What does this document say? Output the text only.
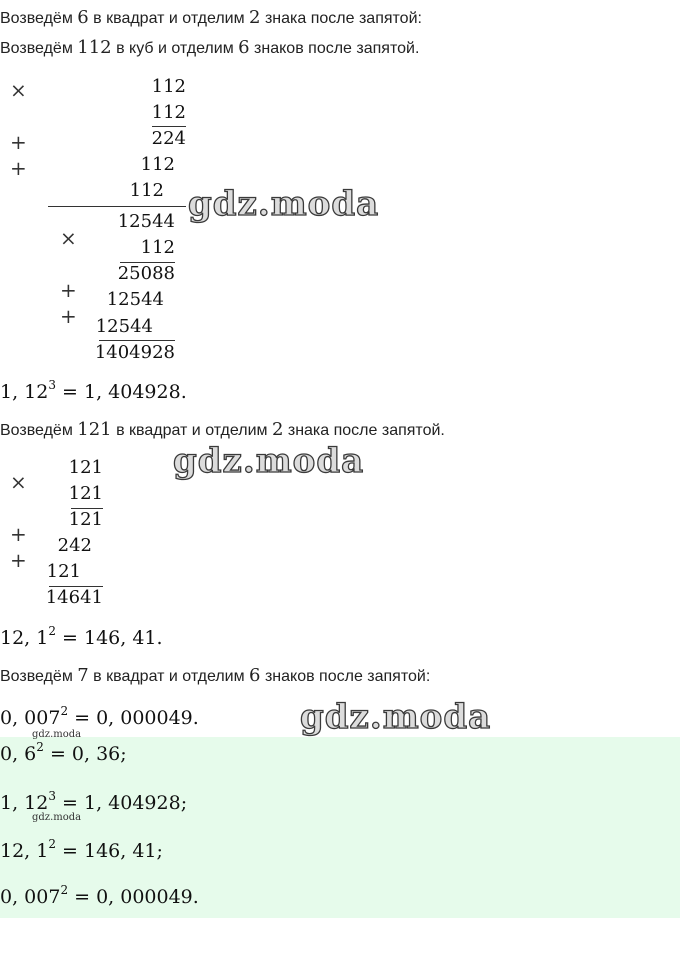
Возведём 6 в квадрат и отделим 2 знака после запятой:
Возведём 112 в куб и отделим 6 знаков после запятой.
×	112
112
224
+
112
+
112
12544
×	112
25088
+ 12544
+ 12544
1404928
1, $12^3 = 1$, 404928.
Возведём 121 в квадрат и отделим 2 знака после запятой.
121
× 121
121
+ 242
+ 121
14641
12, $1^2 = 146$, 41.
Возведём 7 в квадрат и отделим 6 знаков после запятой:
0, $007^2 = 0$, 000049.
0, $6^2 = 0$, 36;
1, $12^3 = 1$, 404928;
12, $1^2 = 146$, 41;
0, $007^2 = 0$, 000049.
gdz.moda
gdz.moda
gdz.moda
gdz.moda
gdz.moda
